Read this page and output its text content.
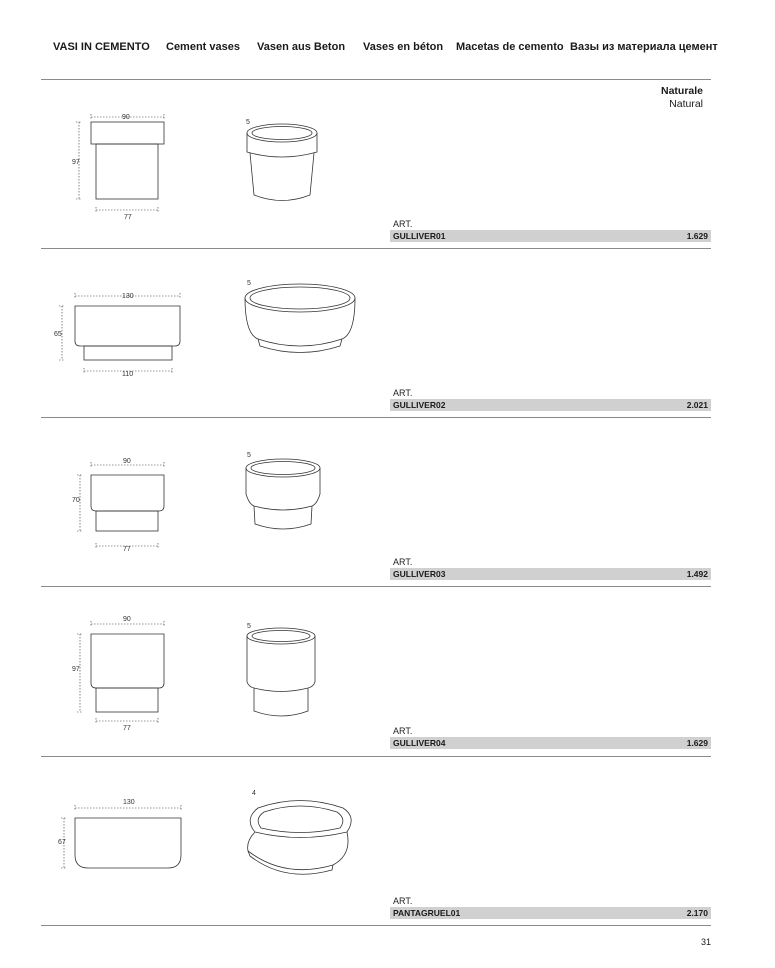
VASI IN CEMENTO Cement vases Vasen aus Beton Vases en béton Macetas de cemento Вазы из материала цемент
Naturale
Natural
90
97
77
5
ART.
GULLIVER01	1.629
130
65
110
5
ART.
GULLIVER02	2.021
90
70
77
5
ART.
GULLIVER03	1.492
90
97
77
5
ART.
GULLIVER04	1.629
130
67
4
ART.
PANTAGRUEL01	2.170
31
